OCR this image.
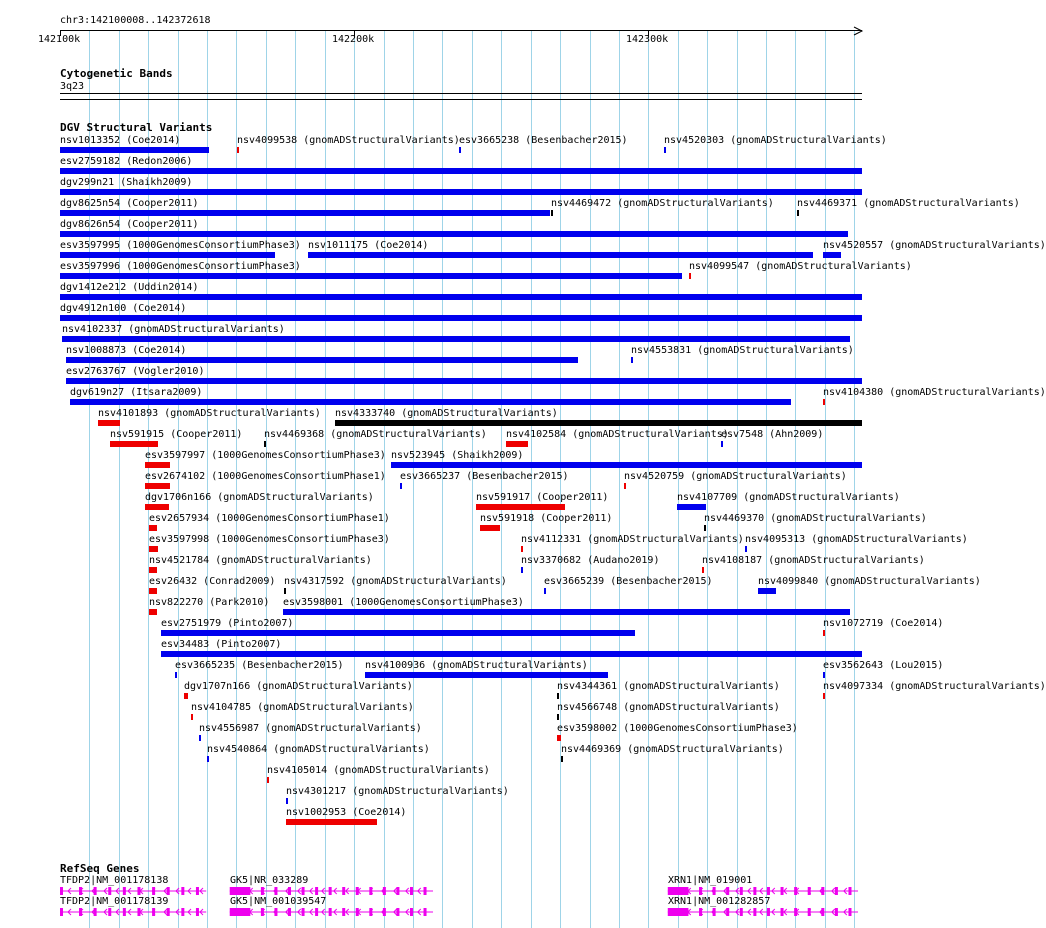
chr3:142100008..142372618
142100k	142200k	142300k
Cytogenetic Bands
3q23
DGV Structural Variants
nsv1013352 (Coe2014)	nsv4099538 (gnomADStructuralVariants) esv3665238 (Besenbacher2015)	nsv4520303 (gnomADStructuralVariants)
esv2759182 (Redon2006)
dgv299n21 (Shaikh2009)
dgv8625n54 (Cooper2011)	nsv4469472 (gnomADStructuralVariants) nsv4469371 (gnomADStructuralVariants)
dgv8626n54 (Cooper2011)
esv3597995 (1000GenomesConsortiumPhase3) nsv1011175 (Coe2014)	nsv4520557 (gnomADStructuralVariants)
esv3597996 (1000GenomesConsortiumPhase3)	nsv4099547 (gnomADStructuralVariants)
dgv1412e212 (Uddin2014)
dgv4912n100 (Coe2014)
nsv4102337 (gnomADStructuralVariants)
nsv1008873 (Coe2014)	nsv4553831 (gnomADStructuralVariants)
esv2763767 (Vogler2010)
dgv619n27 (Itsara2009)	nsv4104380 (gnomADStructuralVariants)
nsv4101893 (gnomADStructuralVariants) nsv4333740 (gnomADStructuralVariants)
nsv591915 (Cooper2011) nsv4469368 (gnomADStructuralVariants) nsv4102584 (gnomADStructuralVariants)
esv7548 (Ahn2009)
esv3597997 (1000GenomesConsortiumPhase3) nsv523945 (Shaikh2009)
esv2674102 (1000GenomesConsortiumPhase1) esv3665237 (Besenbacher2015)	nsv4520759 (gnomADStructuralVariants)
dgv1706n166 (gnomADStructuralVariants)	nsv591917 (Cooper2011)	nsv4107709 (gnomADStructuralVariants)
esv2657934 (1000GenomesConsortiumPhase1)	nsv591918 (Cooper2011)	nsv4469370 (gnomADStructuralVariants)
esv3597998 (1000GenomesConsortiumPhase3)	nsv4112331 (gnomADStructuralVariants) nsv4095313 (gnomADStructuralVariants)
nsv4521784 (gnomADStructuralVariants)	nsv3370682 (Audano2019)	nsv4108187 (gnomADStructuralVariants)
esv26432 (Conrad2009) nsv4317592 (gnomADStructuralVariants)	esv3665239 (Besenbacher2015)	nsv4099840 (gnomADStructuralVariants)
nsv822270 (Park2010) esv3598001 (1000GenomesConsortiumPhase3)
esv2751979 (Pinto2007)	nsv1072719 (Coe2014)
esv34483 (Pinto2007)
esv3665235 (Besenbacher2015) nsv4100936 (gnomADStructuralVariants)	esv3562643 (Lou2015)
dgv1707n166 (gnomADStructuralVariants)	nsv4344361 (gnomADStructuralVariants)	nsv4097334 (gnomADStructuralVariants)
nsv4104785 (gnomADStructuralVariants)	nsv4566748 (gnomADStructuralVariants)
nsv4556987 (gnomADStructuralVariants)	esv3598002 (1000GenomesConsortiumPhase3)
nsv4540864 (gnomADStructuralVariants)	nsv4469369 (gnomADStructuralVariants)
nsv4105014 (gnomADStructuralVariants)
nsv4301217 (gnomADStructuralVariants)
nsv1002953 (Coe2014)
RefSeq Genes
TFDP2|NM_001178138	GK5|NR_033289	XRN1|NM_019001
TFDP2|NM_001178139	GK5|NM_001039547	XRN1|NM_001282857
